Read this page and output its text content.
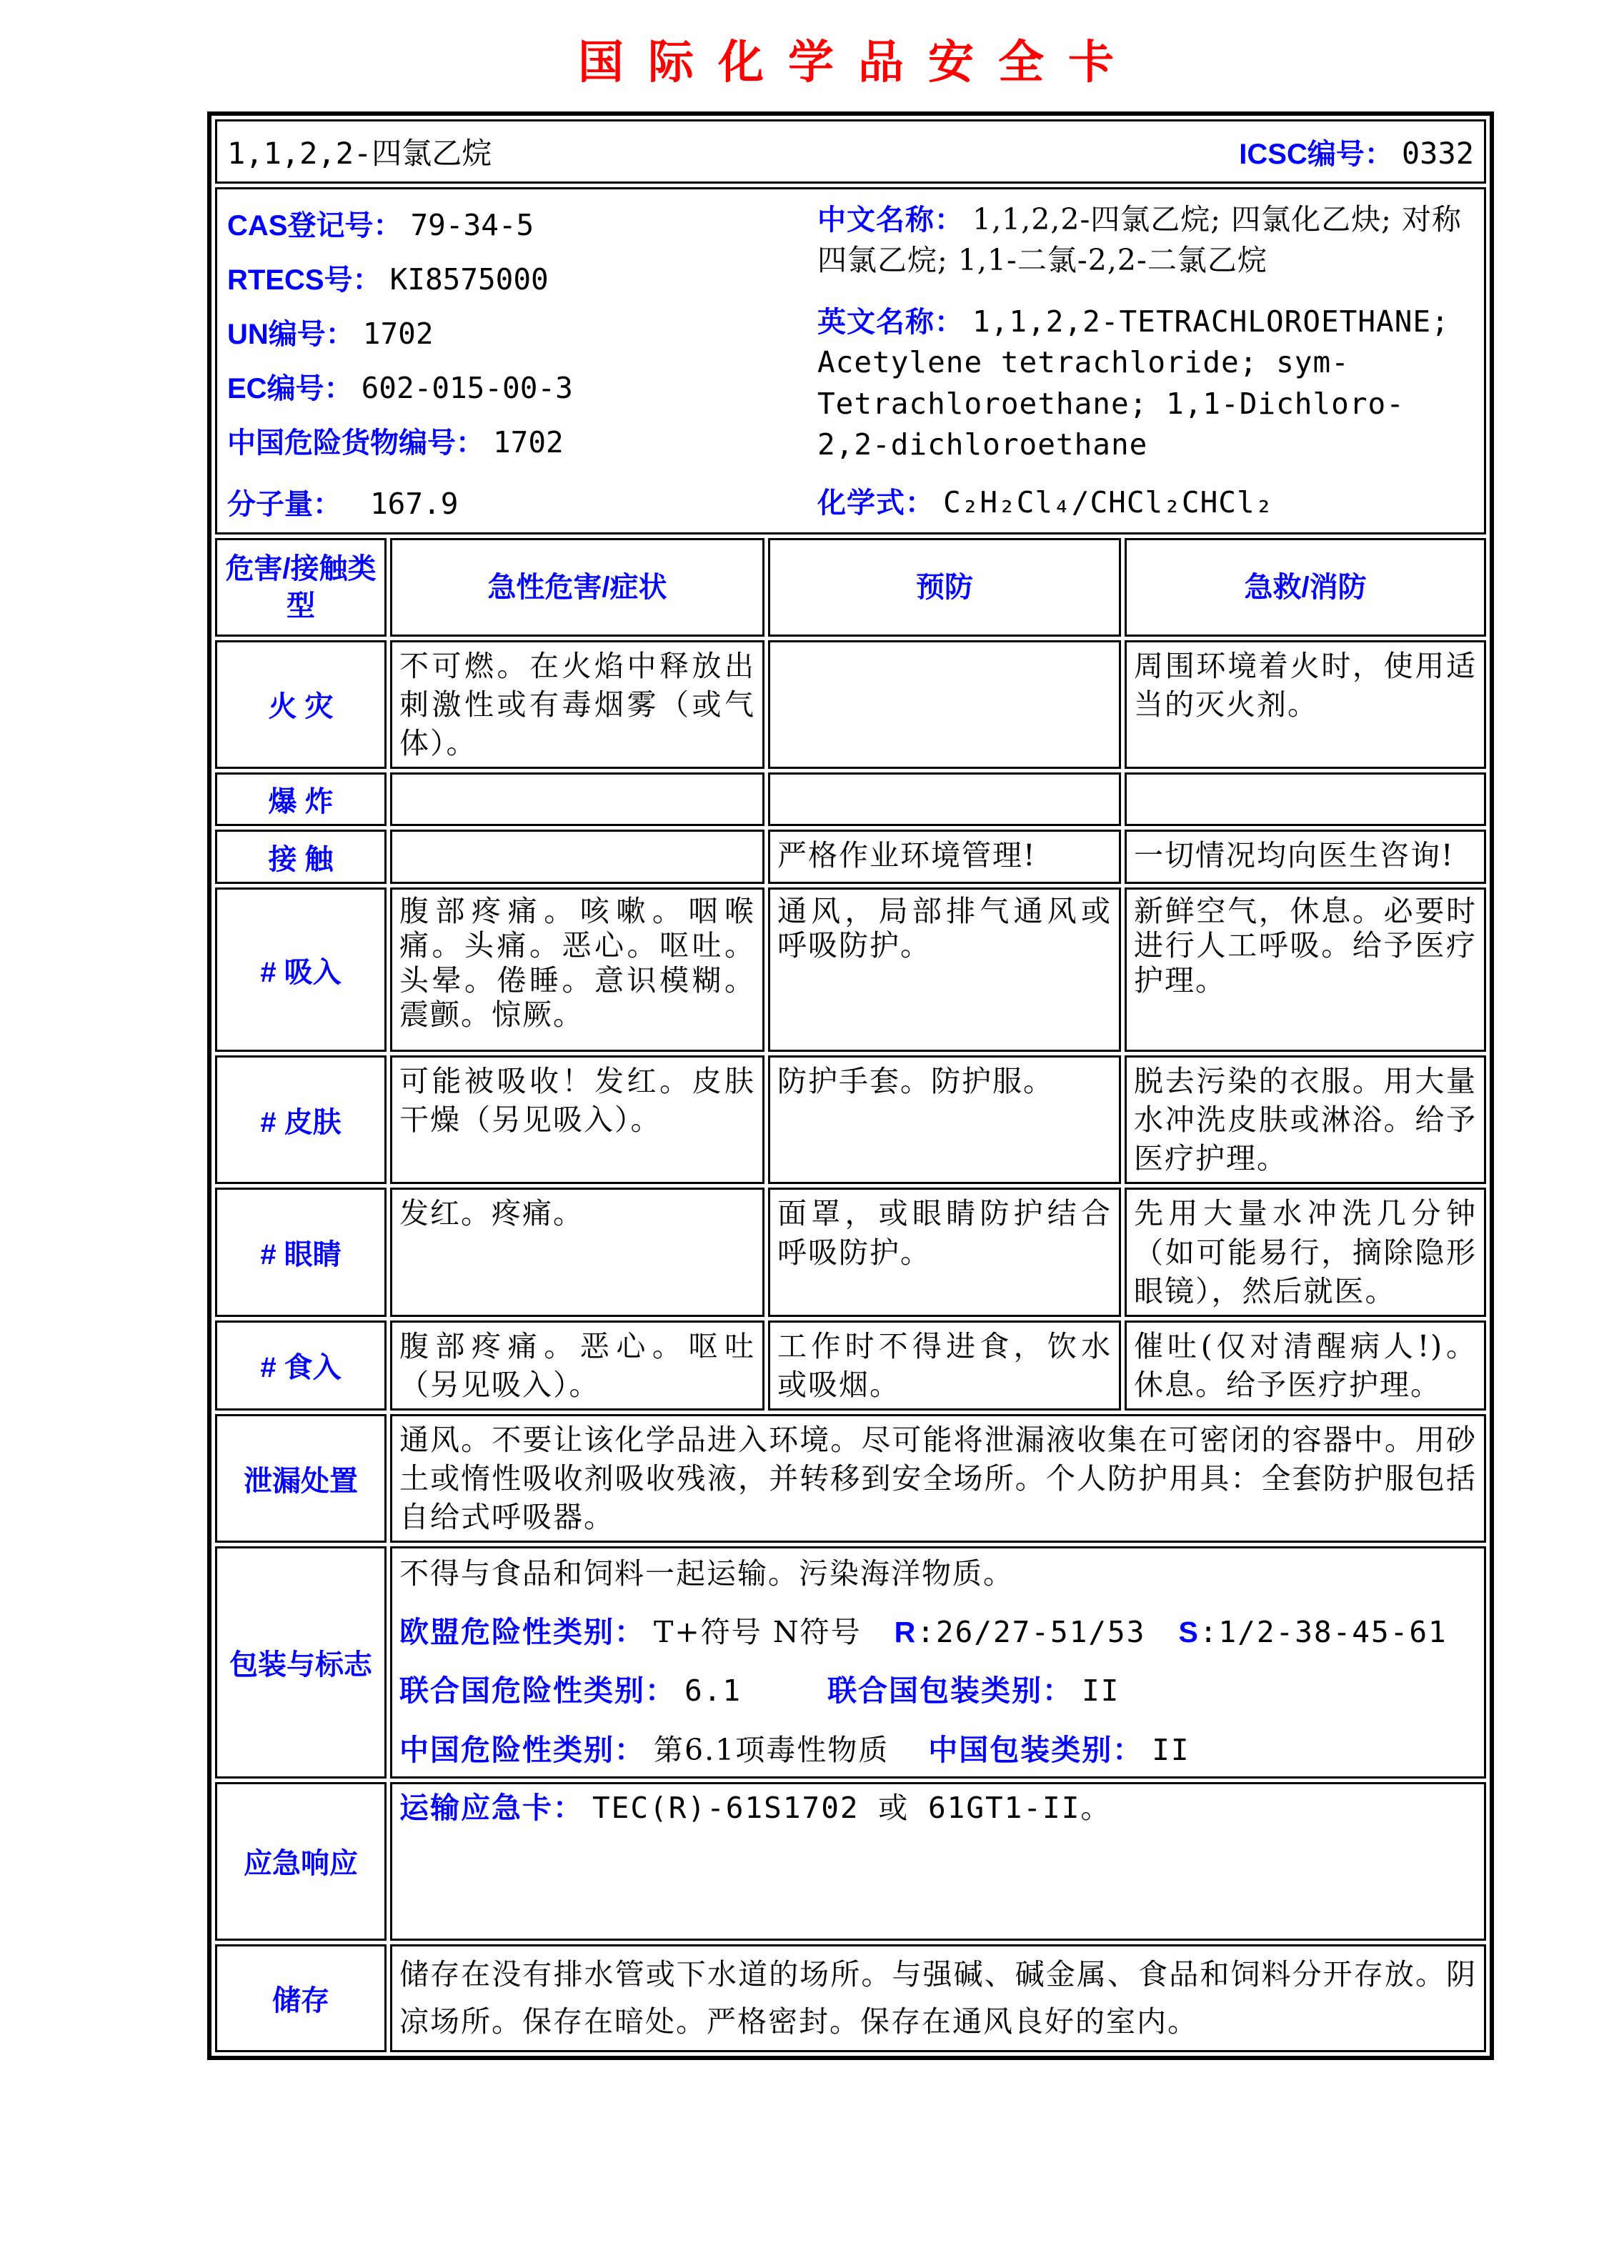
国际化学品安全卡
1,1,2,2-四氯乙烷 ICSC编号： 0332			

CAS登记号： 79-34-5
RTECS号： KI8575000
UN编号： 1702
EC编号： 602-015-00-3
中国危险货物编号： 1702
分子量： 167.9
中文名称： 1,1,2,2-四氯乙烷; 四氯化乙炔; 对称四氯乙烷; 1,1-二氯-2,2-二氯乙烷
英文名称： 1,1,2,2-TETRACHLOROETHANE; Acetylene tetrachloride; sym-Tetrachloroethane; 1,1-Dichloro-2,2-dichloroethane
化学式： C₂H₂Cl₄/CHCl₂CHCl₂

危害/接触类型	急性危害/症状	预防	急救/消防
火 灾	不可燃。在火焰中释放出刺激性或有毒烟雾（或气体）。		周围环境着火时，使用适当的灭火剂。
爆 炸			
接 触		严格作业环境管理!	一切情况均向医生咨询!
# 吸入	腹部疼痛。咳嗽。咽喉痛。头痛。恶心。呕吐。头晕。倦睡。意识模糊。震颤。惊厥。	通风，局部排气通风或呼吸防护。	新鲜空气，休息。必要时进行人工呼吸。给予医疗护理。
# 皮肤	可能被吸收！发红。皮肤干燥（另见吸入）。	防护手套。防护服。	脱去污染的衣服。用大量水冲洗皮肤或淋浴。给予医疗护理。
# 眼睛	发红。疼痛。	面罩，或眼睛防护结合呼吸防护。	先用大量水冲洗几分钟（如可能易行，摘除隐形眼镜），然后就医。
# 食入	腹部疼痛。恶心。呕吐（另见吸入）。	工作时不得进食，饮水或吸烟。	催吐(仅对清醒病人!)。休息。给予医疗护理。
泄漏处置	通风。不要让该化学品进入环境。尽可能将泄漏液收集在可密闭的容器中。用砂土或惰性吸收剂吸收残液，并转移到安全场所。个人防护用具：全套防护服包括自给式呼吸器。		
包装与标志	不得与食品和饲料一起运输。污染海洋物质。
欧盟危险性类别： T+符号 N符号 R:26/27-51/53 S:1/2-38-45-61
联合国危险性类别： 6.1 联合国包装类别： II
中国危险性类别： 第6.1项毒性物质 中国包装类别： II		

应急响应	运输应急卡： TEC(R)-61S1702 或 61GT1-II。		
储存	储存在没有排水管或下水道的场所。与强碱、碱金属、食品和饲料分开存放。阴凉场所。保存在暗处。严格密封。保存在通风良好的室内。		
